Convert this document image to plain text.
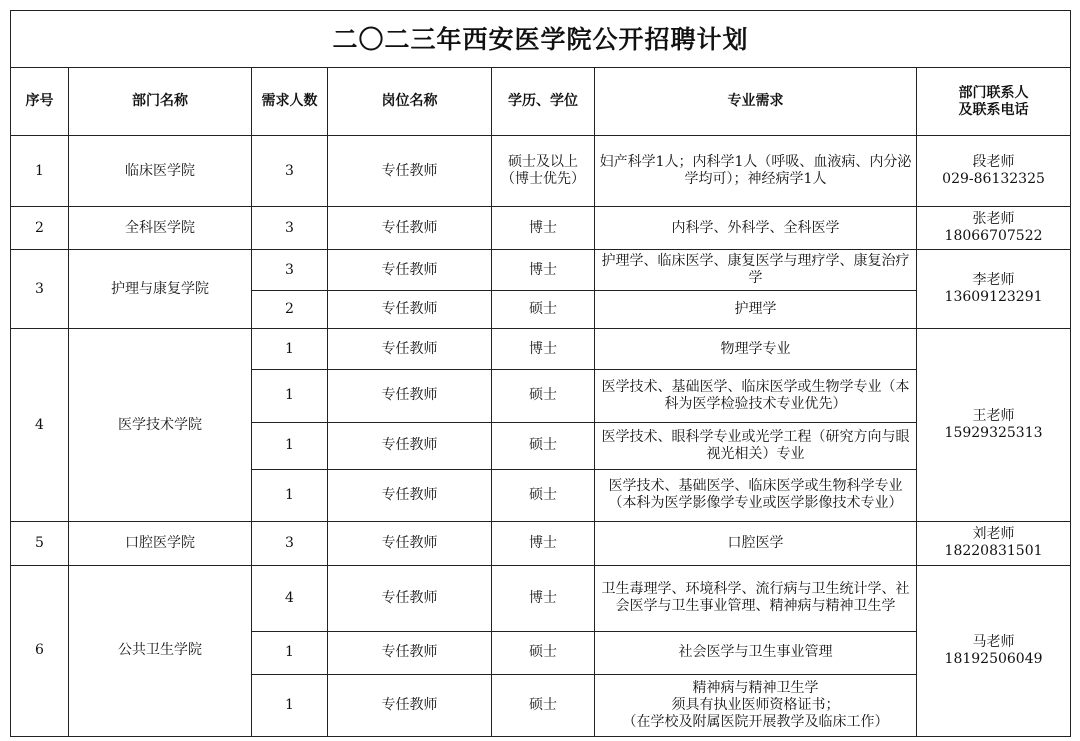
二〇二三年西安医学院公开招聘计划						
序号	部门名称	需求人数	岗位名称	学历、学位	专业需求	部门联系人
及联系电话

1	临床医学院	3	专任教师	硕士及以上（博士优先）	妇产科学1人；内科学1人（呼吸、血液病、内分泌学均可）；神经病学1人	段老师
029-86132325

2	全科医学院	3	专任教师	博士	内科学、外科学、全科医学	张老师
18066707522

3	护理与康复学院	3	专任教师	博士	护理学、临床医学、康复医学与理疗学、康复治疗学	李老师
13609123291

		2	专任教师	硕士	护理学	
4	医学技术学院	1	专任教师	博士	物理学专业	王老师
15929325313

		1	专任教师	硕士	医学技术、基础医学、临床医学或生物学专业（本科为医学检验技术专业优先）	
		1	专任教师	硕士	医学技术、眼科学专业或光学工程（研究方向与眼视光相关）专业	
		1	专任教师	硕士	医学技术、基础医学、临床医学或生物科学专业（本科为医学影像学专业或医学影像技术专业）	

5	口腔医学院	3	专任教师	博士	口腔医学	刘老师
18220831501

6	公共卫生学院	4	专任教师	博士	卫生毒理学、环境科学、流行病与卫生统计学、社会医学与卫生事业管理、精神病与精神卫生学	马老师
18192506049

		1	专任教师	硕士	社会医学与卫生事业管理	
		1	专任教师	硕士	精神病与精神卫生学
须具有执业医师资格证书；
（在学校及附属医院开展教学及临床工作）	
